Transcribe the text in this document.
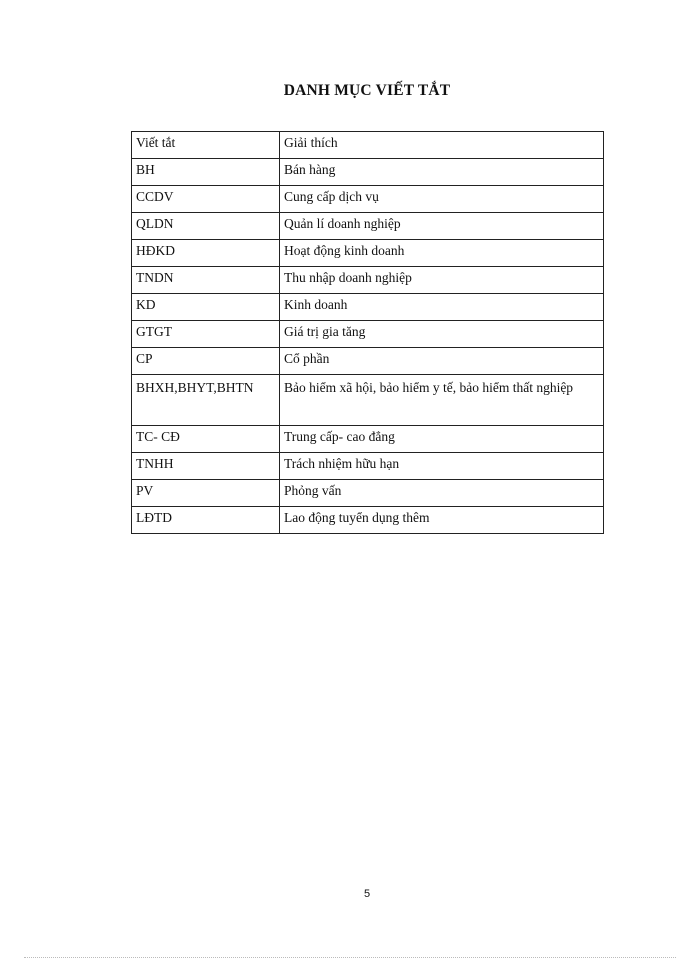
DANH MỤC VIẾT TẮT
Viết tắt	Giải thích
BH	Bán hàng
CCDV	Cung cấp dịch vụ
QLDN	Quản lí doanh nghiệp
HĐKD	Hoạt động kinh doanh
TNDN	Thu nhập doanh nghiệp
KD	Kinh doanh
GTGT	Giá trị gia tăng
CP	Cổ phần
BHXH,BHYT,BHTN	Bảo hiểm xã hội, bảo hiểm y tế, bảo hiểm thất nghiệp
TC- CĐ	Trung cấp- cao đẳng
TNHH	Trách nhiệm hữu hạn
PV	Phỏng vấn
LĐTD	Lao động tuyển dụng thêm
5
